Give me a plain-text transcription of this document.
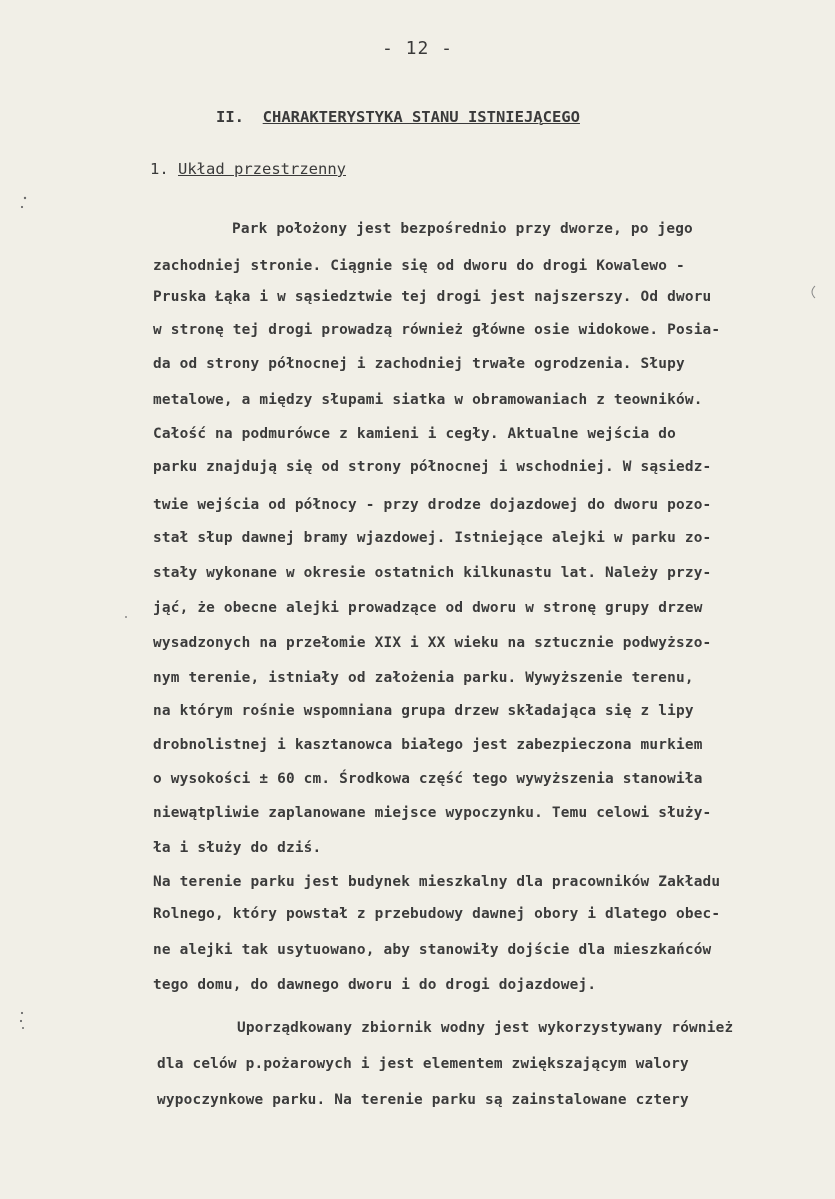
- 12 -
II. CHARAKTERYSTYKA STANU ISTNIEJĄCEGO
1. Układ przestrzenny
Park położony jest bezpośrednio przy dworze, po jego
zachodniej stronie. Ciągnie się od dworu do drogi Kowalewo -
Pruska Łąka i w sąsiedztwie tej drogi jest najszerszy. Od dworu
w stronę tej drogi prowadzą również główne osie widokowe. Posia-
da od strony północnej i zachodniej trwałe ogrodzenia. Słupy
metalowe, a między słupami siatka w obramowaniach z teowników.
Całość na podmurówce z kamieni i cegły. Aktualne wejścia do
parku znajdują się od strony północnej i wschodniej. W sąsiedz-
twie wejścia od północy - przy drodze dojazdowej do dworu pozo-
stał słup dawnej bramy wjazdowej. Istniejące alejki w parku zo-
stały wykonane w okresie ostatnich kilkunastu lat. Należy przy-
jąć, że obecne alejki prowadzące od dworu w stronę grupy drzew
wysadzonych na przełomie XIX i XX wieku na sztucznie podwyższo-
nym terenie, istniały od założenia parku. Wywyższenie terenu,
na którym rośnie wspomniana grupa drzew składająca się z lipy
drobnolistnej i kasztanowca białego jest zabezpieczona murkiem
o wysokości ± 60 cm. Środkowa część tego wywyższenia stanowiła
niewątpliwie zaplanowane miejsce wypoczynku. Temu celowi służy-
ła i służy do dziś.
Na terenie parku jest budynek mieszkalny dla pracowników Zakładu
Rolnego, który powstał z przebudowy dawnej obory i dlatego obec-
ne alejki tak usytuowano, aby stanowiły dojście dla mieszkańców
tego domu, do dawnego dworu i do drogi dojazdowej.
Uporządkowany zbiornik wodny jest wykorzystywany również
dla celów p.pożarowych i jest elementem zwiększającym walory
wypoczynkowe parku. Na terenie parku są zainstalowane cztery
